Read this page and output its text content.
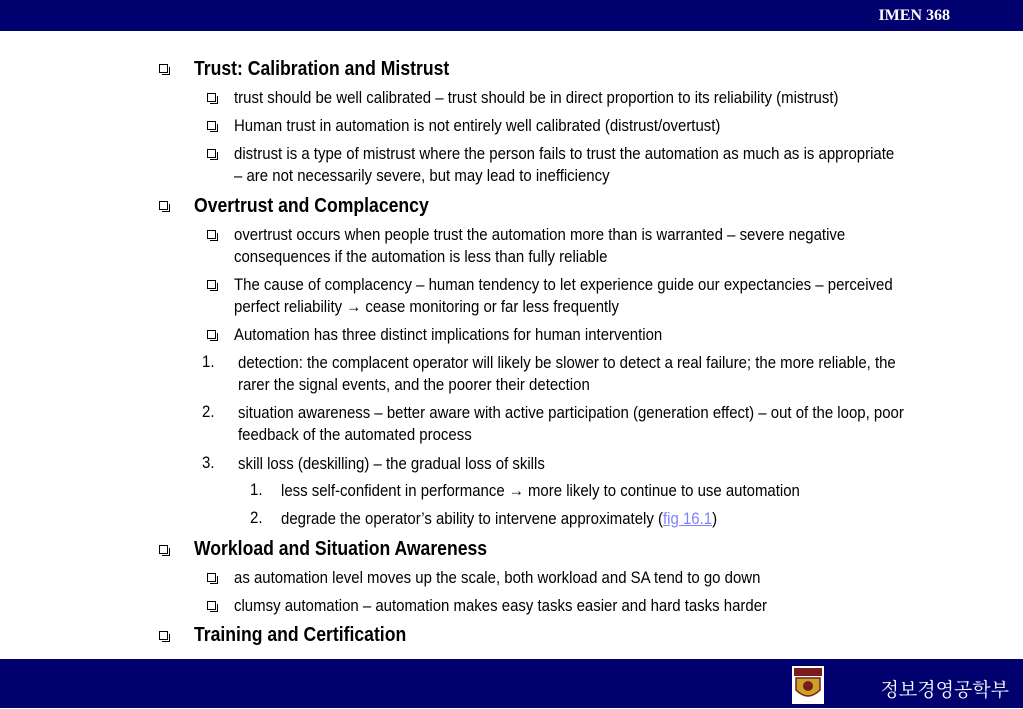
IMEN 368
Trust: Calibration and Mistrust
trust should be well calibrated – trust should be in direct proportion to its reliability (mistrust)
Human trust in automation is not entirely well calibrated (distrust/overtust)
distrust is a type of mistrust where the person fails to trust the automation as much as is appropriate – are not necessarily severe, but may lead to inefficiency
Overtrust and Complacency
overtrust occurs when people trust the automation more than is warranted – severe negative consequences if the automation is less than fully reliable
The cause of complacency – human tendency to let experience guide our expectancies – perceived perfect reliability → cease monitoring or far less frequently
Automation has three distinct implications for human intervention
1. detection: the complacent operator will likely be slower to detect a real failure; the more reliable, the rarer the signal events, and the poorer their detection
2. situation awareness – better aware with active participation (generation effect) – out of the loop, poor feedback of the automated process
3. skill loss (deskilling) – the gradual loss of skills
1. less self-confident in performance → more likely to continue to use automation
2. degrade the operator’s ability to intervene approximately (fig 16.1)
Workload and Situation Awareness
as automation level moves up the scale, both workload and SA tend to go down
clumsy automation – automation makes easy tasks easier and hard tasks harder
Training and Certification
정보경영공학부
